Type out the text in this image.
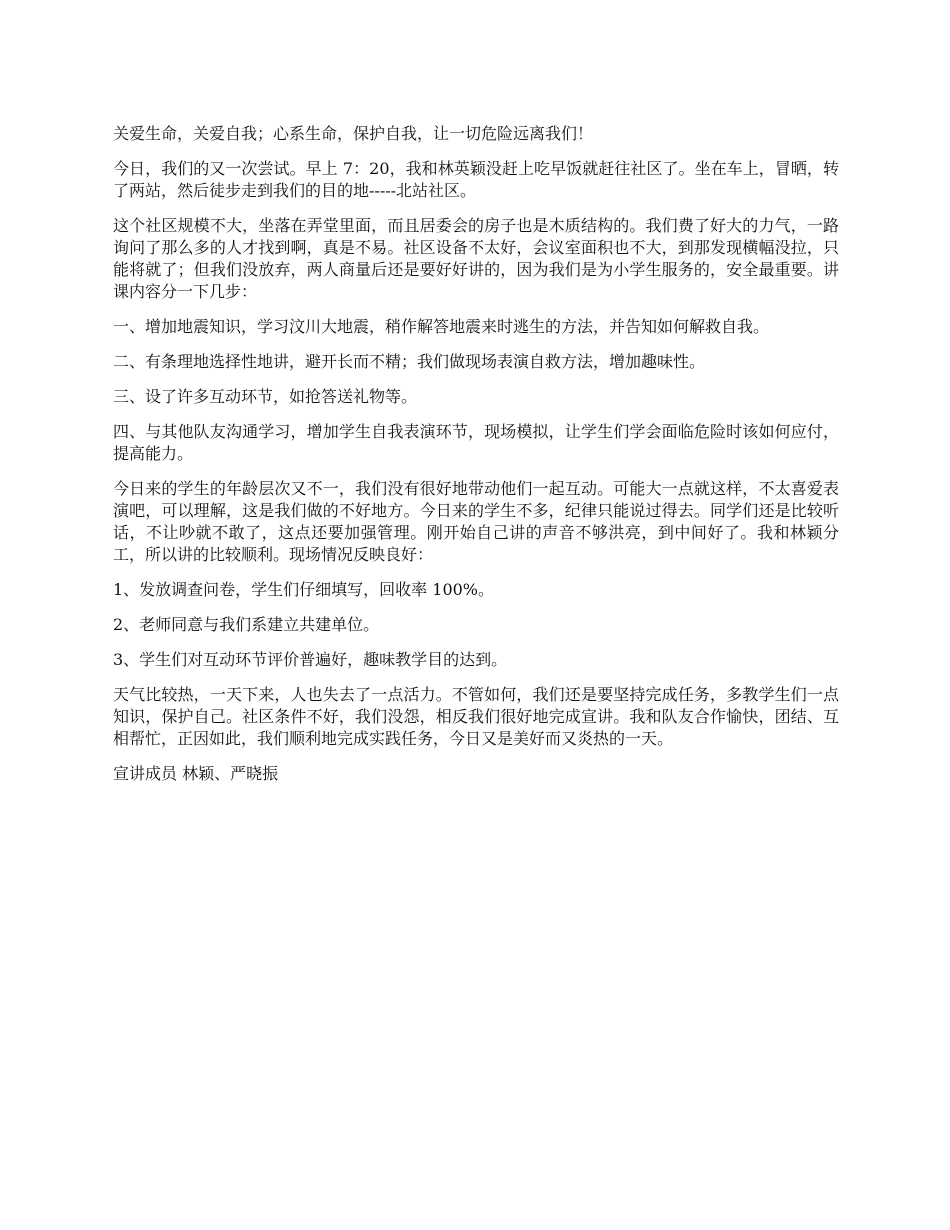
关爱生命，关爱自我；心系生命，保护自我，让一切危险远离我们！

今日，我们的又一次尝试。早上 7：20，我和林英颖没赶上吃早饭就赶往社区了。坐在车上，冒晒，转了两站，然后徒步走到我们的目的地-----北站社区。

这个社区规模不大，坐落在弄堂里面，而且居委会的房子也是木质结构的。我们费了好大的力气，一路询问了那么多的人才找到啊，真是不易。社区设备不太好，会议室面积也不大，到那发现横幅没拉，只能将就了；但我们没放弃，两人商量后还是要好好讲的，因为我们是为小学生服务的，安全最重要。讲课内容分一下几步：

一、增加地震知识，学习汶川大地震，稍作解答地震来时逃生的方法，并告知如何解救自我。

二、有条理地选择性地讲，避开长而不精；我们做现场表演自救方法，增加趣味性。

三、设了许多互动环节，如抢答送礼物等。

四、与其他队友沟通学习，增加学生自我表演环节，现场模拟，让学生们学会面临危险时该如何应付，提高能力。

今日来的学生的年龄层次又不一，我们没有很好地带动他们一起互动。可能大一点就这样，不太喜爱表演吧，可以理解，这是我们做的不好地方。今日来的学生不多，纪律只能说过得去。同学们还是比较听话，不让吵就不敢了，这点还要加强管理。刚开始自己讲的声音不够洪亮，到中间好了。我和林颖分工，所以讲的比较顺利。现场情况反映良好：

1、发放调查问卷，学生们仔细填写，回收率 100%。

2、老师同意与我们系建立共建单位。

3、学生们对互动环节评价普遍好，趣味教学目的达到。

天气比较热，一天下来，人也失去了一点活力。不管如何，我们还是要坚持完成任务，多教学生们一点知识，保护自己。社区条件不好，我们没怨，相反我们很好地完成宣讲。我和队友合作愉快，团结、互相帮忙，正因如此，我们顺利地完成实践任务，今日又是美好而又炎热的一天。

宣讲成员 林颖、严晓振
